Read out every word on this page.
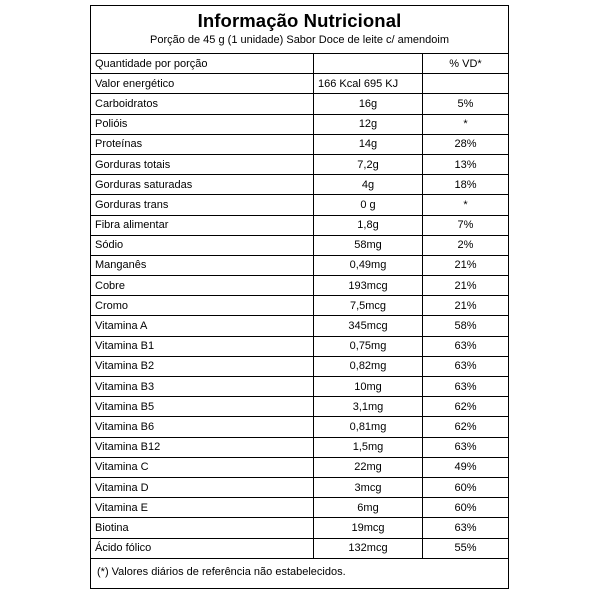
Informação Nutricional
Porção de 45 g (1 unidade) Sabor Doce de leite c/ amendoim
Quantidade por porção		% VD*
Valor energético	166 Kcal 695 KJ	
Carboidratos	16g	5%
Polióis	12g	*
Proteínas	14g	28%
Gorduras totais	7,2g	13%
Gorduras saturadas	4g	18%
Gorduras trans	0 g	*
Fibra alimentar	1,8g	7%
Sódio	58mg	2%
Manganês	0,49mg	21%
Cobre	193mcg	21%
Cromo	7,5mcg	21%
Vitamina A	345mcg	58%
Vitamina B1	0,75mg	63%
Vitamina B2	0,82mg	63%
Vitamina B3	10mg	63%
Vitamina B5	3,1mg	62%
Vitamina B6	0,81mg	62%
Vitamina B12	1,5mg	63%
Vitamina C	22mg	49%
Vitamina D	3mcg	60%
Vitamina E	6mg	60%
Biotina	19mcg	63%
Ácido fólico	132mcg	55%
(*) Valores diários de referência não estabelecidos.
